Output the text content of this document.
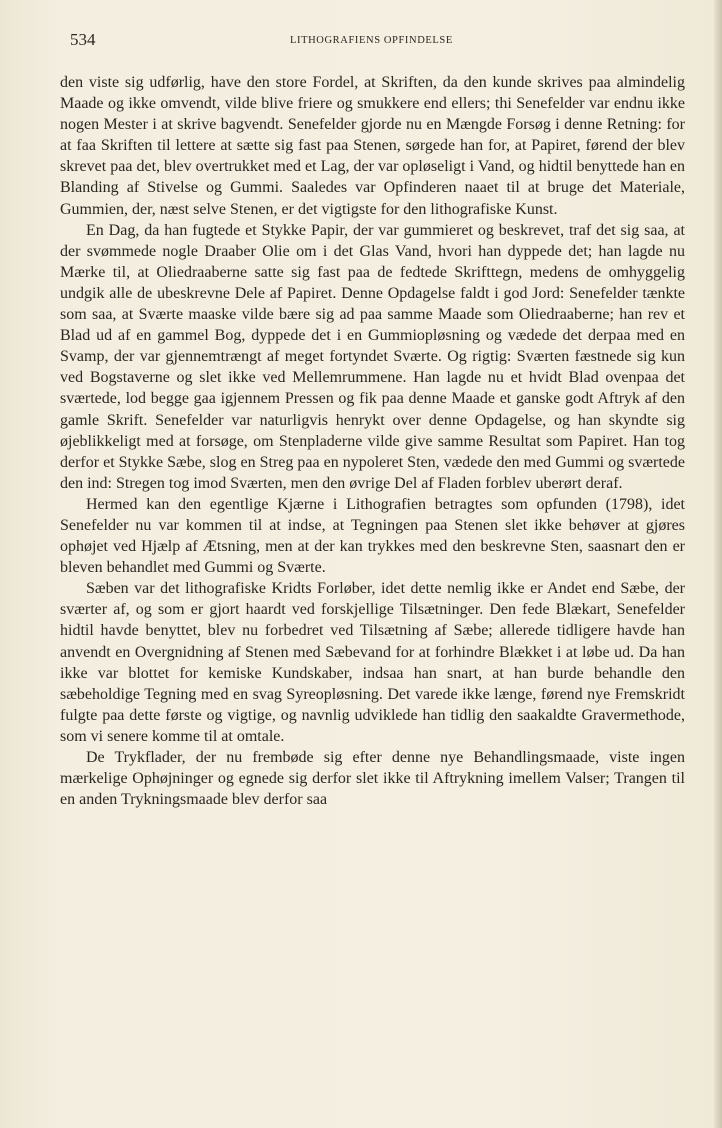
534	LITHOGRAFIENS OPFINDELSE

den viste sig udførlig, have den store Fordel, at Skriften, da den kunde skrives paa almindelig Maade og ikke omvendt, vilde blive friere og smukkere end ellers; thi Senefelder var endnu ikke nogen Mester i at skrive bagvendt. Senefelder gjorde nu en Mængde Forsøg i denne Retning: for at faa Skriften til lettere at sætte sig fast paa Stenen, sørgede han for, at Papiret, førend der blev skrevet paa det, blev overtrukket med et Lag, der var opløseligt i Vand, og hidtil benyttede han en Blanding af Stivelse og Gummi. Saaledes var Opfinderen naaet til at bruge det Materiale, Gummien, der, næst selve Stenen, er det vigtigste for den lithografiske Kunst.

En Dag, da han fugtede et Stykke Papir, der var gummieret og beskrevet, traf det sig saa, at der svømmede nogle Draaber Olie om i det Glas Vand, hvori han dyppede det; han lagde nu Mærke til, at Oliedraaberne satte sig fast paa de fedtede Skrifttegn, medens de omhyggelig undgik alle de ubeskrevne Dele af Papiret. Denne Opdagelse faldt i god Jord: Senefelder tænkte som saa, at Sværte maaske vilde bære sig ad paa samme Maade som Oliedraaberne; han rev et Blad ud af en gammel Bog, dyppede det i en Gummiopløsning og vædede det derpaa med en Svamp, der var gjennemtrængt af meget fortyndet Sværte. Og rigtig: Sværten fæstnede sig kun ved Bogstaverne og slet ikke ved Mellemrummene. Han lagde nu et hvidt Blad ovenpaa det sværtede, lod begge gaa igjennem Pressen og fik paa denne Maade et ganske godt Aftryk af den gamle Skrift. Senefelder var naturligvis henrykt over denne Opdagelse, og han skyndte sig øjeblikkeligt med at forsøge, om Stenpladerne vilde give samme Resultat som Papiret. Han tog derfor et Stykke Sæbe, slog en Streg paa en nypoleret Sten, vædede den med Gummi og sværtede den ind: Stregen tog imod Sværten, men den øvrige Del af Fladen forblev uberørt deraf.

Hermed kan den egentlige Kjærne i Lithografien betragtes som opfunden (1798), idet Senefelder nu var kommen til at indse, at Tegningen paa Stenen slet ikke behøver at gjøres ophøjet ved Hjælp af Ætsning, men at der kan trykkes med den beskrevne Sten, saasnart den er bleven behandlet med Gummi og Sværte.

Sæben var det lithografiske Kridts Forløber, idet dette nemlig ikke er Andet end Sæbe, der sværter af, og som er gjort haardt ved forskjellige Tilsætninger. Den fede Blækart, Senefelder hidtil havde benyttet, blev nu forbedret ved Tilsætning af Sæbe; allerede tidligere havde han anvendt en Overgnidning af Stenen med Sæbevand for at forhindre Blækket i at løbe ud. Da han ikke var blottet for kemiske Kundskaber, indsaa han snart, at han burde behandle den sæbeholdige Tegning med en svag Syreopløsning. Det varede ikke længe, førend nye Fremskridt fulgte paa dette første og vigtige, og navnlig udviklede han tidlig den saakaldte Gravermethode, som vi senere komme til at omtale.

De Trykflader, der nu frembøde sig efter denne nye Behandlingsmaade, viste ingen mærkelige Ophøjninger og egnede sig derfor slet ikke til Aftrykning imellem Valser; Trangen til en anden Trykningsmaade blev derfor saa
